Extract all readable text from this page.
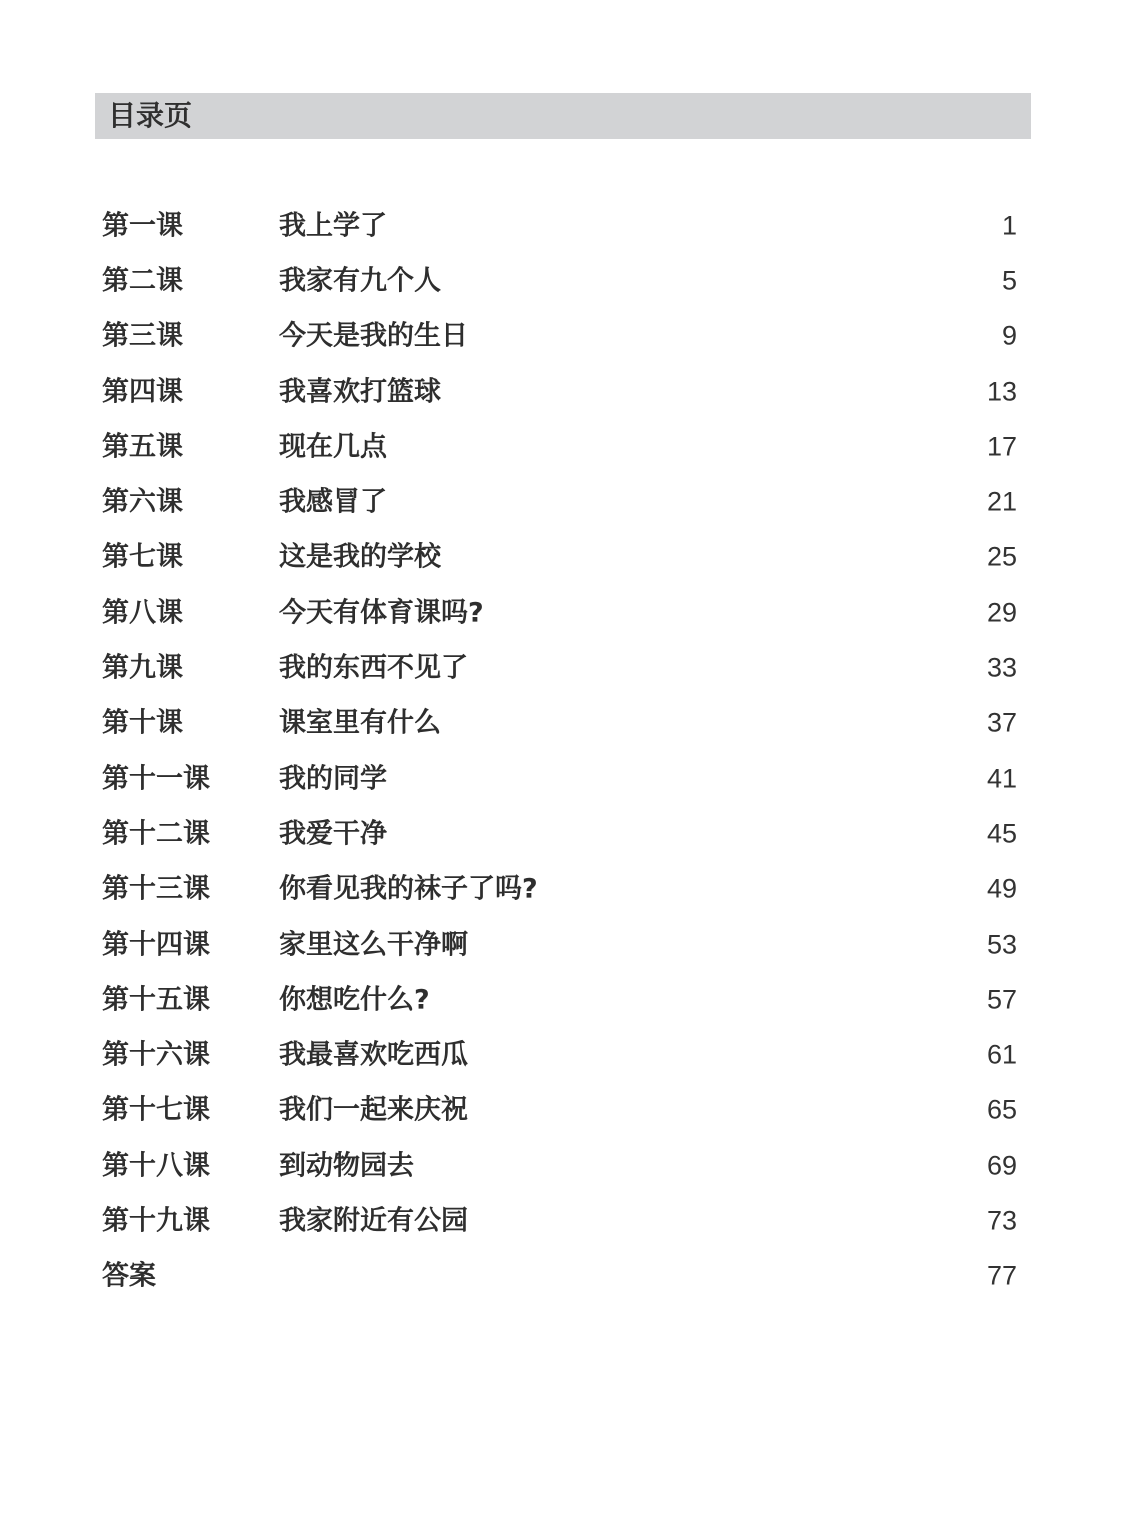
目录页
第一课	我上学了	1
第二课	我家有九个人	5
第三课	今天是我的生日	9
第四课	我喜欢打篮球	13
第五课	现在几点	17
第六课	我感冒了	21
第七课	这是我的学校	25
第八课	今天有体育课吗?	29
第九课	我的东西不见了	33
第十课	课室里有什么	37
第十一课	我的同学	41
第十二课	我爱干净	45
第十三课	你看见我的袜子了吗?	49
第十四课	家里这么干净啊	53
第十五课	你想吃什么?	57
第十六课	我最喜欢吃西瓜	61
第十七课	我们一起来庆祝	65
第十八课	到动物园去	69
第十九课	我家附近有公园	73
答案	77
